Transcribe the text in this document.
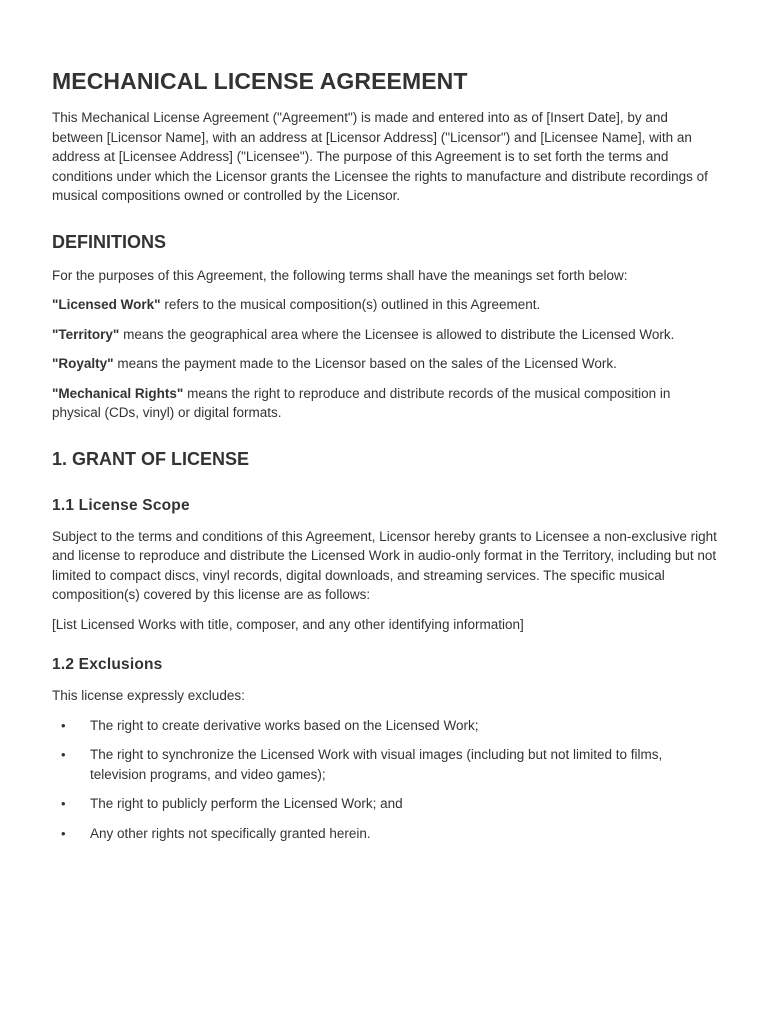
MECHANICAL LICENSE AGREEMENT

This Mechanical License Agreement ("Agreement") is made and entered into as of [Insert Date], by and between [Licensor Name], with an address at [Licensor Address] ("Licensor") and [Licensee Name], with an address at [Licensee Address] ("Licensee"). The purpose of this Agreement is to set forth the terms and conditions under which the Licensor grants the Licensee the rights to manufacture and distribute recordings of musical compositions owned or controlled by the Licensor.

DEFINITIONS

For the purposes of this Agreement, the following terms shall have the meanings set forth below:

"Licensed Work" refers to the musical composition(s) outlined in this Agreement.

"Territory" means the geographical area where the Licensee is allowed to distribute the Licensed Work.

"Royalty" means the payment made to the Licensor based on the sales of the Licensed Work.

"Mechanical Rights" means the right to reproduce and distribute records of the musical composition in physical (CDs, vinyl) or digital formats.

1. GRANT OF LICENSE
1.1 License Scope

Subject to the terms and conditions of this Agreement, Licensor hereby grants to Licensee a non-exclusive right and license to reproduce and distribute the Licensed Work in audio-only format in the Territory, including but not limited to compact discs, vinyl records, digital downloads, and streaming services. The specific musical composition(s) covered by this license are as follows:

[List Licensed Works with title, composer, and any other identifying information]

1.2 Exclusions

This license expressly excludes:

• The right to create derivative works based on the Licensed Work;
• The right to synchronize the Licensed Work with visual images (including but not limited to films, television programs, and video games);
• The right to publicly perform the Licensed Work; and
• Any other rights not specifically granted herein.
